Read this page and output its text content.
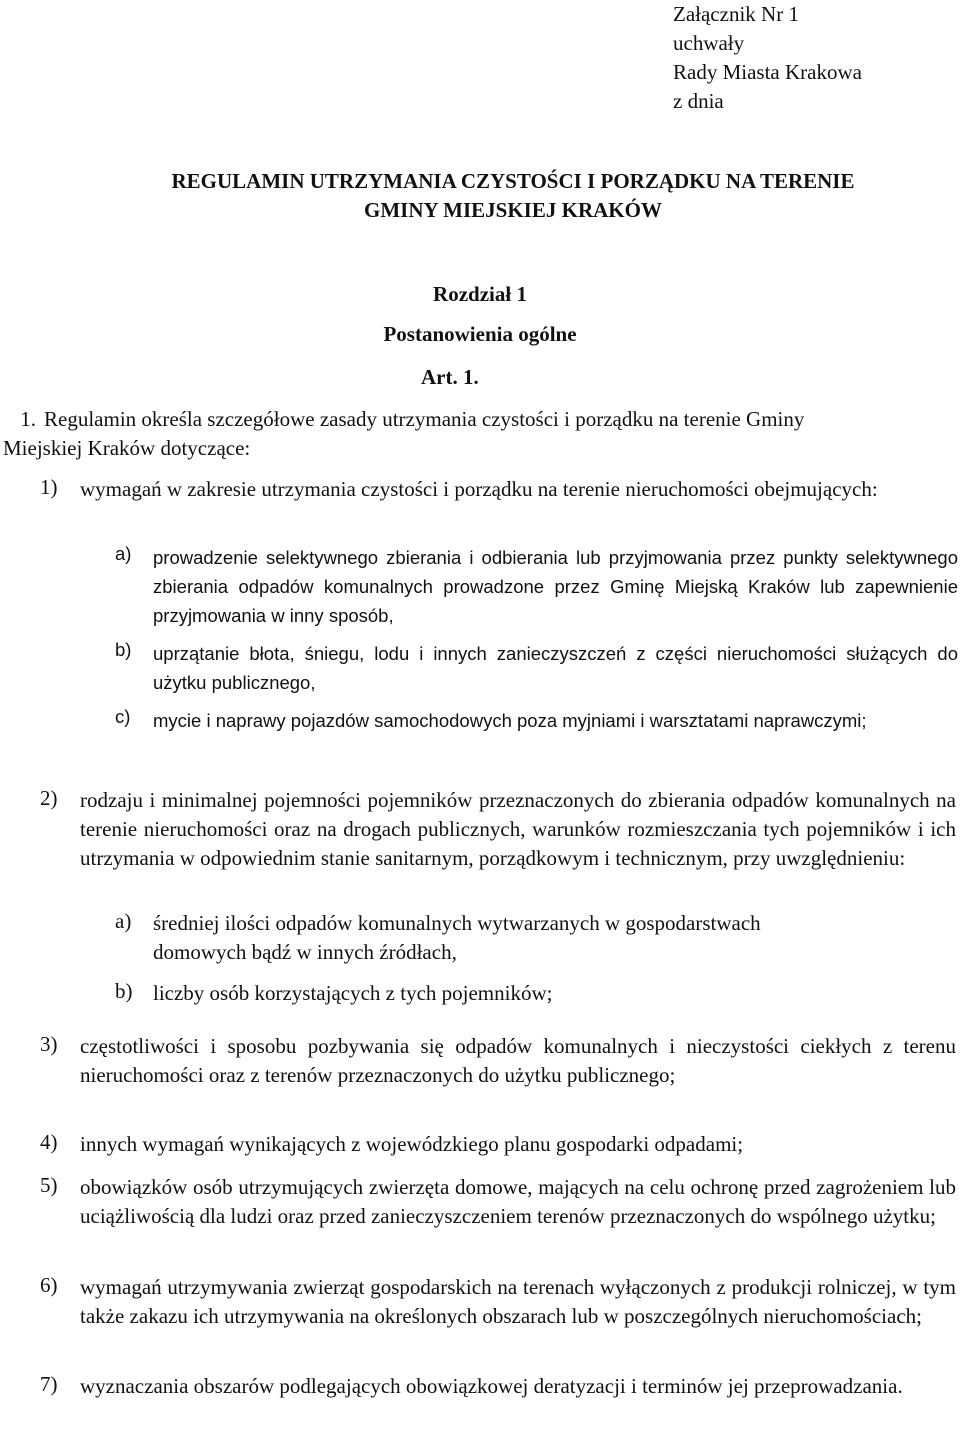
Załącznik Nr 1
uchwały
Rady Miasta Krakowa
z dnia
REGULAMIN UTRZYMANIA CZYSTOŚCI I PORZĄDKU NA TERENIE
GMINY MIEJSKIEJ KRAKÓW
Rozdział 1
Postanowienia ogólne
Art. 1.
1. Regulamin określa szczegółowe zasady utrzymania czystości i porządku na terenie Gminy
Miejskiej Kraków dotyczące:
1) wymagań w zakresie utrzymania czystości i porządku na terenie nieruchomości obejmujących:
a) prowadzenie selektywnego zbierania i odbierania lub przyjmowania przez punkty selektywnego zbierania odpadów komunalnych prowadzone przez Gminę Miejską Kraków lub zapewnienie przyjmowania w inny sposób,
b) uprzątanie błota, śniegu, lodu i innych zanieczyszczeń z części nieruchomości służących do użytku publicznego,
c) mycie i naprawy pojazdów samochodowych poza myjniami i warsztatami naprawczymi;
2) rodzaju i minimalnej pojemności pojemników przeznaczonych do zbierania odpadów komunalnych na terenie nieruchomości oraz na drogach publicznych, warunków rozmieszczania tych pojemników i ich utrzymania w odpowiednim stanie sanitarnym, porządkowym i technicznym, przy uwzględnieniu:
a) średniej ilości odpadów komunalnych wytwarzanych w gospodarstwach domowych bądź w innych źródłach,
b) liczby osób korzystających z tych pojemników;
3) częstotliwości i sposobu pozbywania się odpadów komunalnych i nieczystości ciekłych z terenu nieruchomości oraz z terenów przeznaczonych do użytku publicznego;
4) innych wymagań wynikających z wojewódzkiego planu gospodarki odpadami;
5) obowiązków osób utrzymujących zwierzęta domowe, mających na celu ochronę przed zagrożeniem lub uciążliwością dla ludzi oraz przed zanieczyszczeniem terenów przeznaczonych do wspólnego użytku;
6) wymagań utrzymywania zwierząt gospodarskich na terenach wyłączonych z produkcji rolniczej, w tym także zakazu ich utrzymywania na określonych obszarach lub w poszczególnych nieruchomościach;
7) wyznaczania obszarów podlegających obowiązkowej deratyzacji i terminów jej przeprowadzania.
